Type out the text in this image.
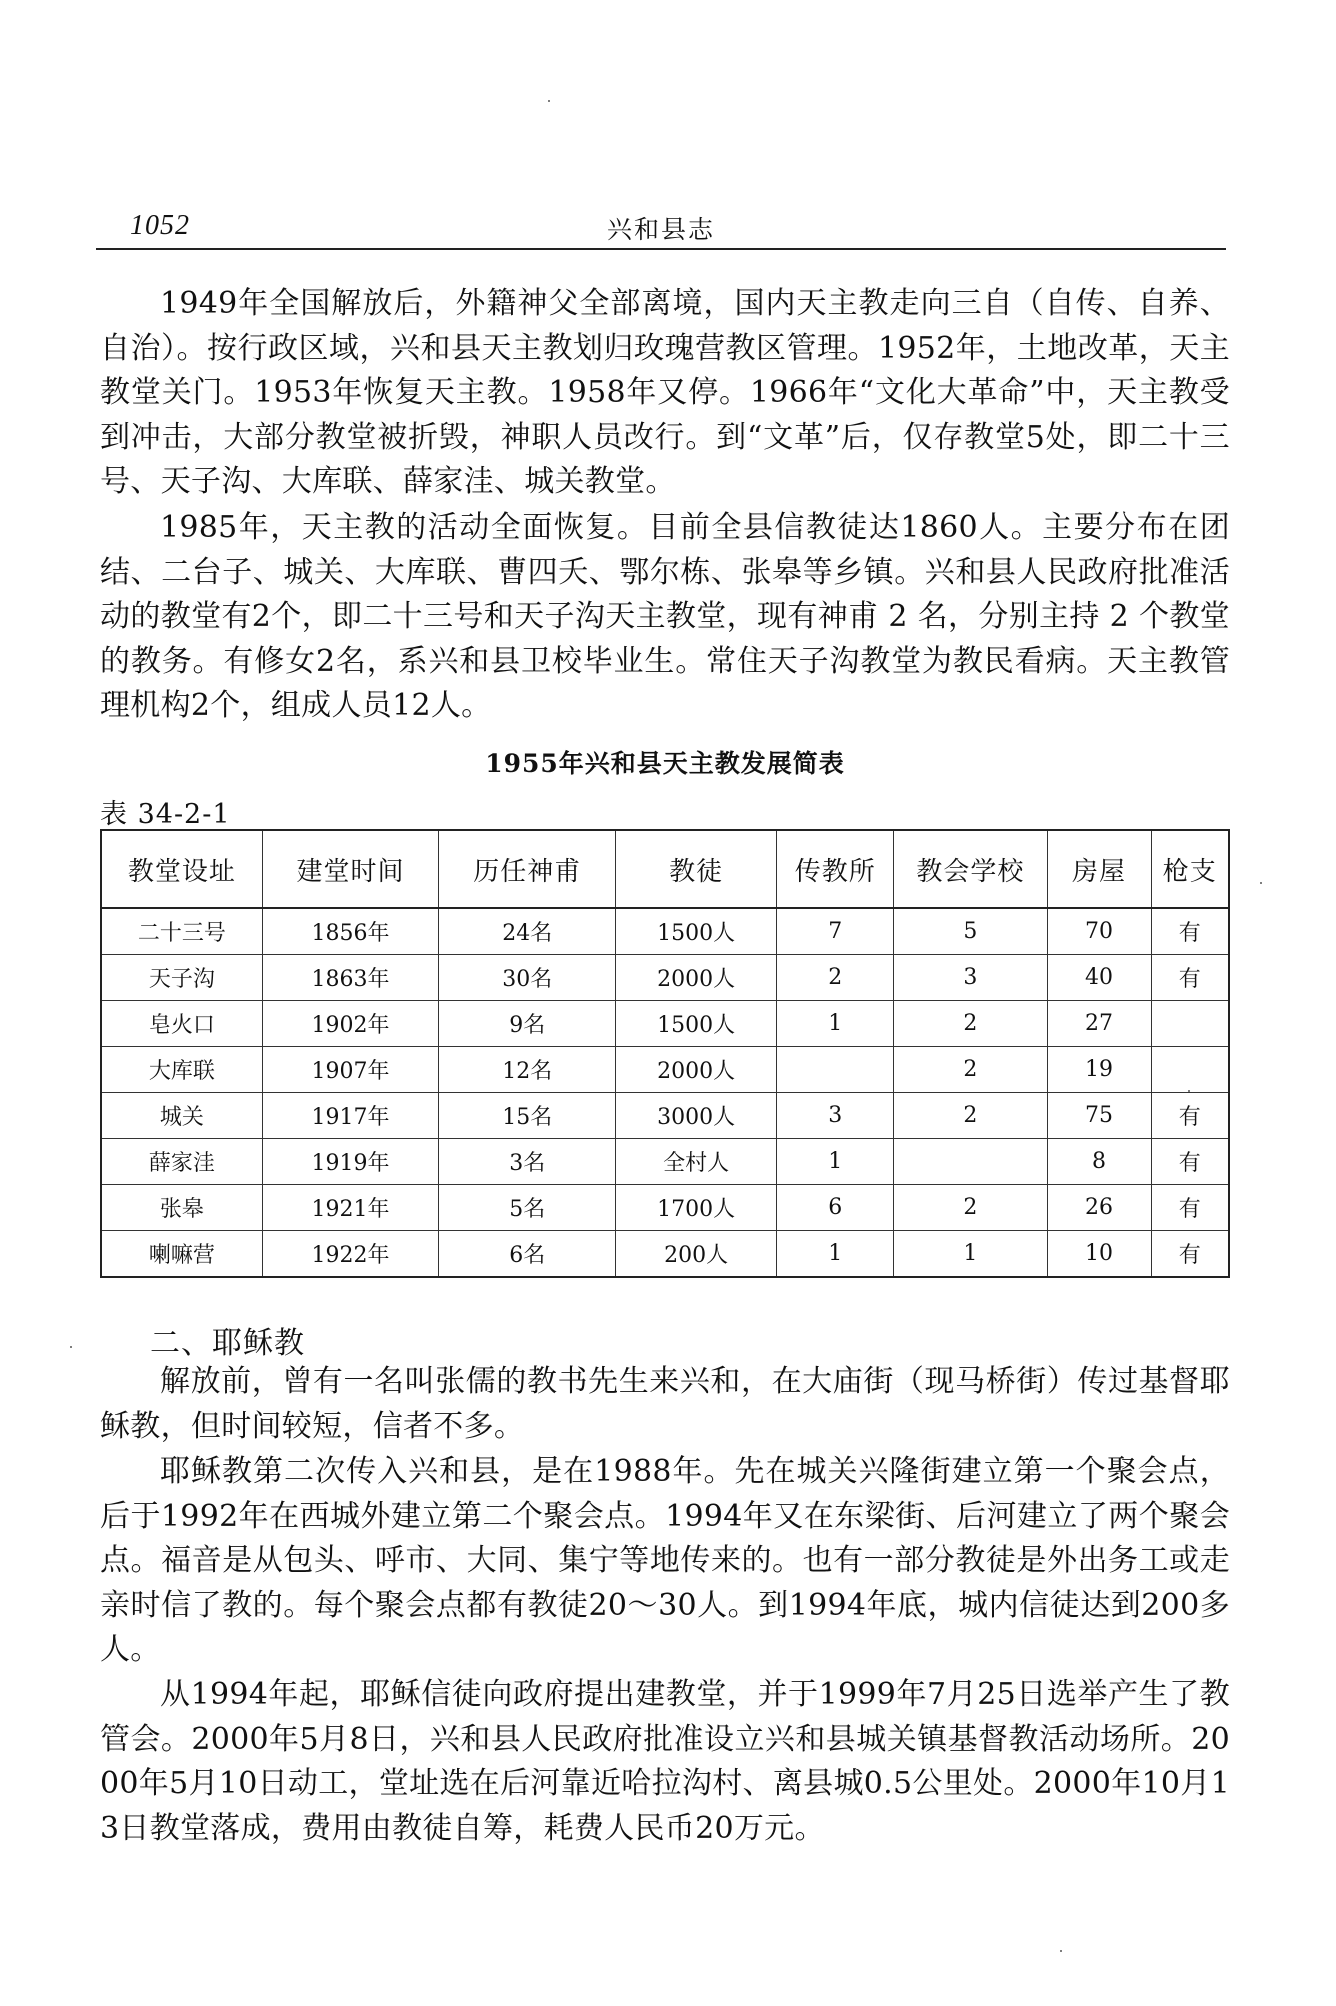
1052	兴和县志

1949年全国解放后，外籍神父全部离境，国内天主教走向三自（自传、自养、自治）。按行政区域，兴和县天主教划归玫瑰营教区管理。1952年，土地改革，天主教堂关门。1953年恢复天主教。1958年又停。1966年“文化大革命”中，天主教受到冲击，大部分教堂被折毁，神职人员改行。到“文革”后，仅存教堂5处，即二十三号、天子沟、大库联、薛家洼、城关教堂。

1985年，天主教的活动全面恢复。目前全县信教徒达1860人。主要分布在团结、二台子、城关、大库联、曹四夭、鄂尔栋、张皋等乡镇。兴和县人民政府批准活动的教堂有2个，即二十三号和天子沟天主教堂，现有神甫 2 名，分别主持 2 个教堂的教务。有修女2名，系兴和县卫校毕业生。常住天子沟教堂为教民看病。天主教管理机构2个，组成人员12人。

1955年兴和县天主教发展简表
表 34-2-1
教堂设址	建堂时间	历任神甫	教徒	传教所	教会学校	房屋	枪支
二十三号	1856年	24名	1500人	7	5	70	有
天子沟	1863年	30名	2000人	2	3	40	有
皂火口	1902年	9名	1500人	1	2	27	
大库联	1907年	12名	2000人		2	19	
城关	1917年	15名	3000人	3	2	75	有
薛家洼	1919年	3名	全村人	1		8	有
张皋	1921年	5名	1700人	6	2	26	有
喇嘛营	1922年	6名	200人	1	1	10	有
二、耶稣教

解放前，曾有一名叫张儒的教书先生来兴和，在大庙街（现马桥街）传过基督耶稣教，但时间较短，信者不多。

耶稣教第二次传入兴和县，是在1988年。先在城关兴隆街建立第一个聚会点，后于1992年在西城外建立第二个聚会点。1994年又在东梁街、后河建立了两个聚会点。福音是从包头、呼市、大同、集宁等地传来的。也有一部分教徒是外出务工或走亲时信了教的。每个聚会点都有教徒20～30人。到1994年底，城内信徒达到200多人。

从1994年起，耶稣信徒向政府提出建教堂，并于1999年7月25日选举产生了教管会。2000年5月8日，兴和县人民政府批准设立兴和县城关镇基督教活动场所。2000年5月10日动工，堂址选在后河靠近哈拉沟村、离县城0.5公里处。2000年10月13日教堂落成，费用由教徒自筹，耗费人民币20万元。
